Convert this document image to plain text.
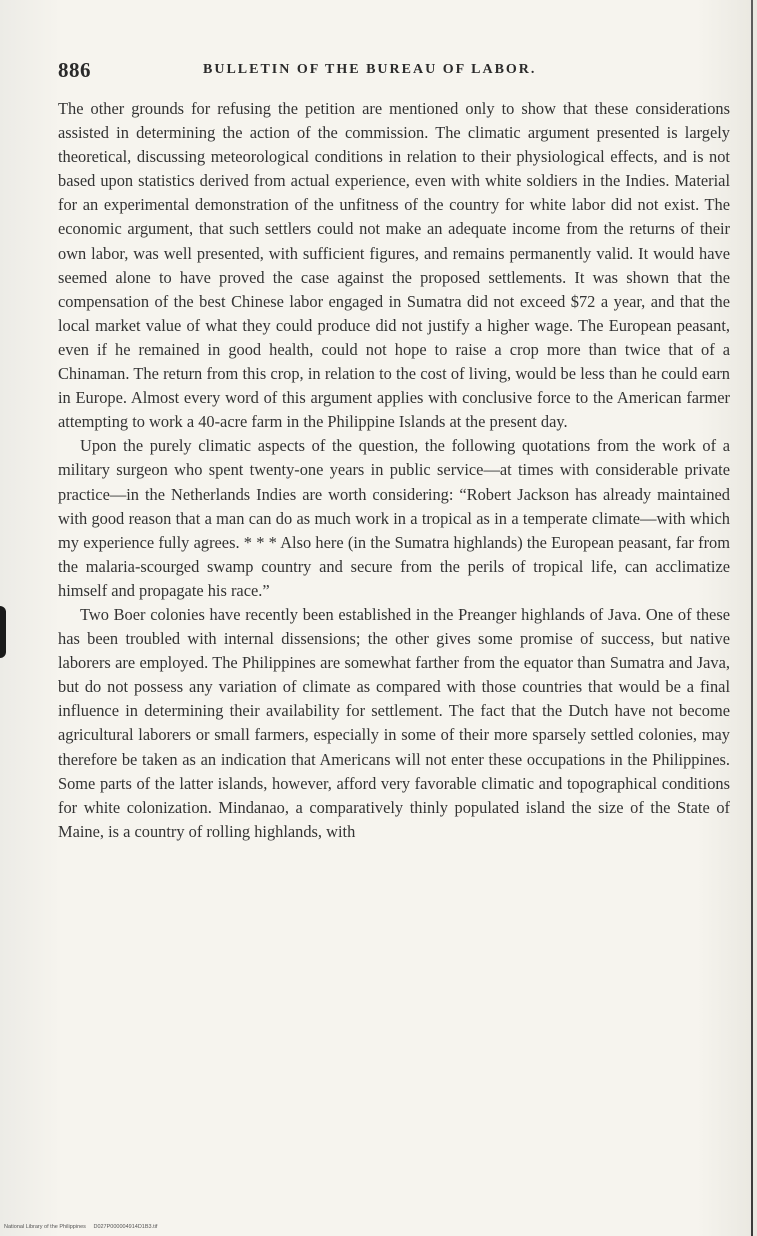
886	BULLETIN OF THE BUREAU OF LABOR.

The other grounds for refusing the petition are mentioned only to show that these considerations assisted in determining the action of the commission. The climatic argument presented is largely theoretical, discussing meteorological conditions in relation to their physiological effects, and is not based upon statistics derived from actual experience, even with white soldiers in the Indies. Material for an experimental demonstration of the unfitness of the country for white labor did not exist. The economic argument, that such settlers could not make an adequate income from the returns of their own labor, was well presented, with sufficient figures, and remains permanently valid. It would have seemed alone to have proved the case against the proposed settlements. It was shown that the compensation of the best Chinese labor engaged in Sumatra did not exceed $72 a year, and that the local market value of what they could produce did not justify a higher wage. The European peasant, even if he remained in good health, could not hope to raise a crop more than twice that of a Chinaman. The return from this crop, in relation to the cost of living, would be less than he could earn in Europe. Almost every word of this argument applies with conclusive force to the American farmer attempting to work a 40-acre farm in the Philippine Islands at the present day.

Upon the purely climatic aspects of the question, the following quotations from the work of a military surgeon who spent twenty-one years in public service—at times with considerable private practice—in the Netherlands Indies are worth considering: “Robert Jackson has already maintained with good reason that a man can do as much work in a tropical as in a temperate climate—with which my experience fully agrees. * * * Also here (in the Sumatra highlands) the European peasant, far from the malaria-scourged swamp country and secure from the perils of tropical life, can acclimatize himself and propagate his race.”

Two Boer colonies have recently been established in the Preanger highlands of Java. One of these has been troubled with internal dissensions; the other gives some promise of success, but native laborers are employed. The Philippines are somewhat farther from the equator than Sumatra and Java, but do not possess any variation of climate as compared with those countries that would be a final influence in determining their availability for settlement. The fact that the Dutch have not become agricultural laborers or small farmers, especially in some of their more sparsely settled colonies, may therefore be taken as an indication that Americans will not enter these occupations in the Philippines. Some parts of the latter islands, however, afford very favorable climatic and topographical conditions for white colonization. Mindanao, a comparatively thinly populated island the size of the State of Maine, is a country of rolling highlands, with

National Library of the Philippines D027P000004914D1B3.tif
